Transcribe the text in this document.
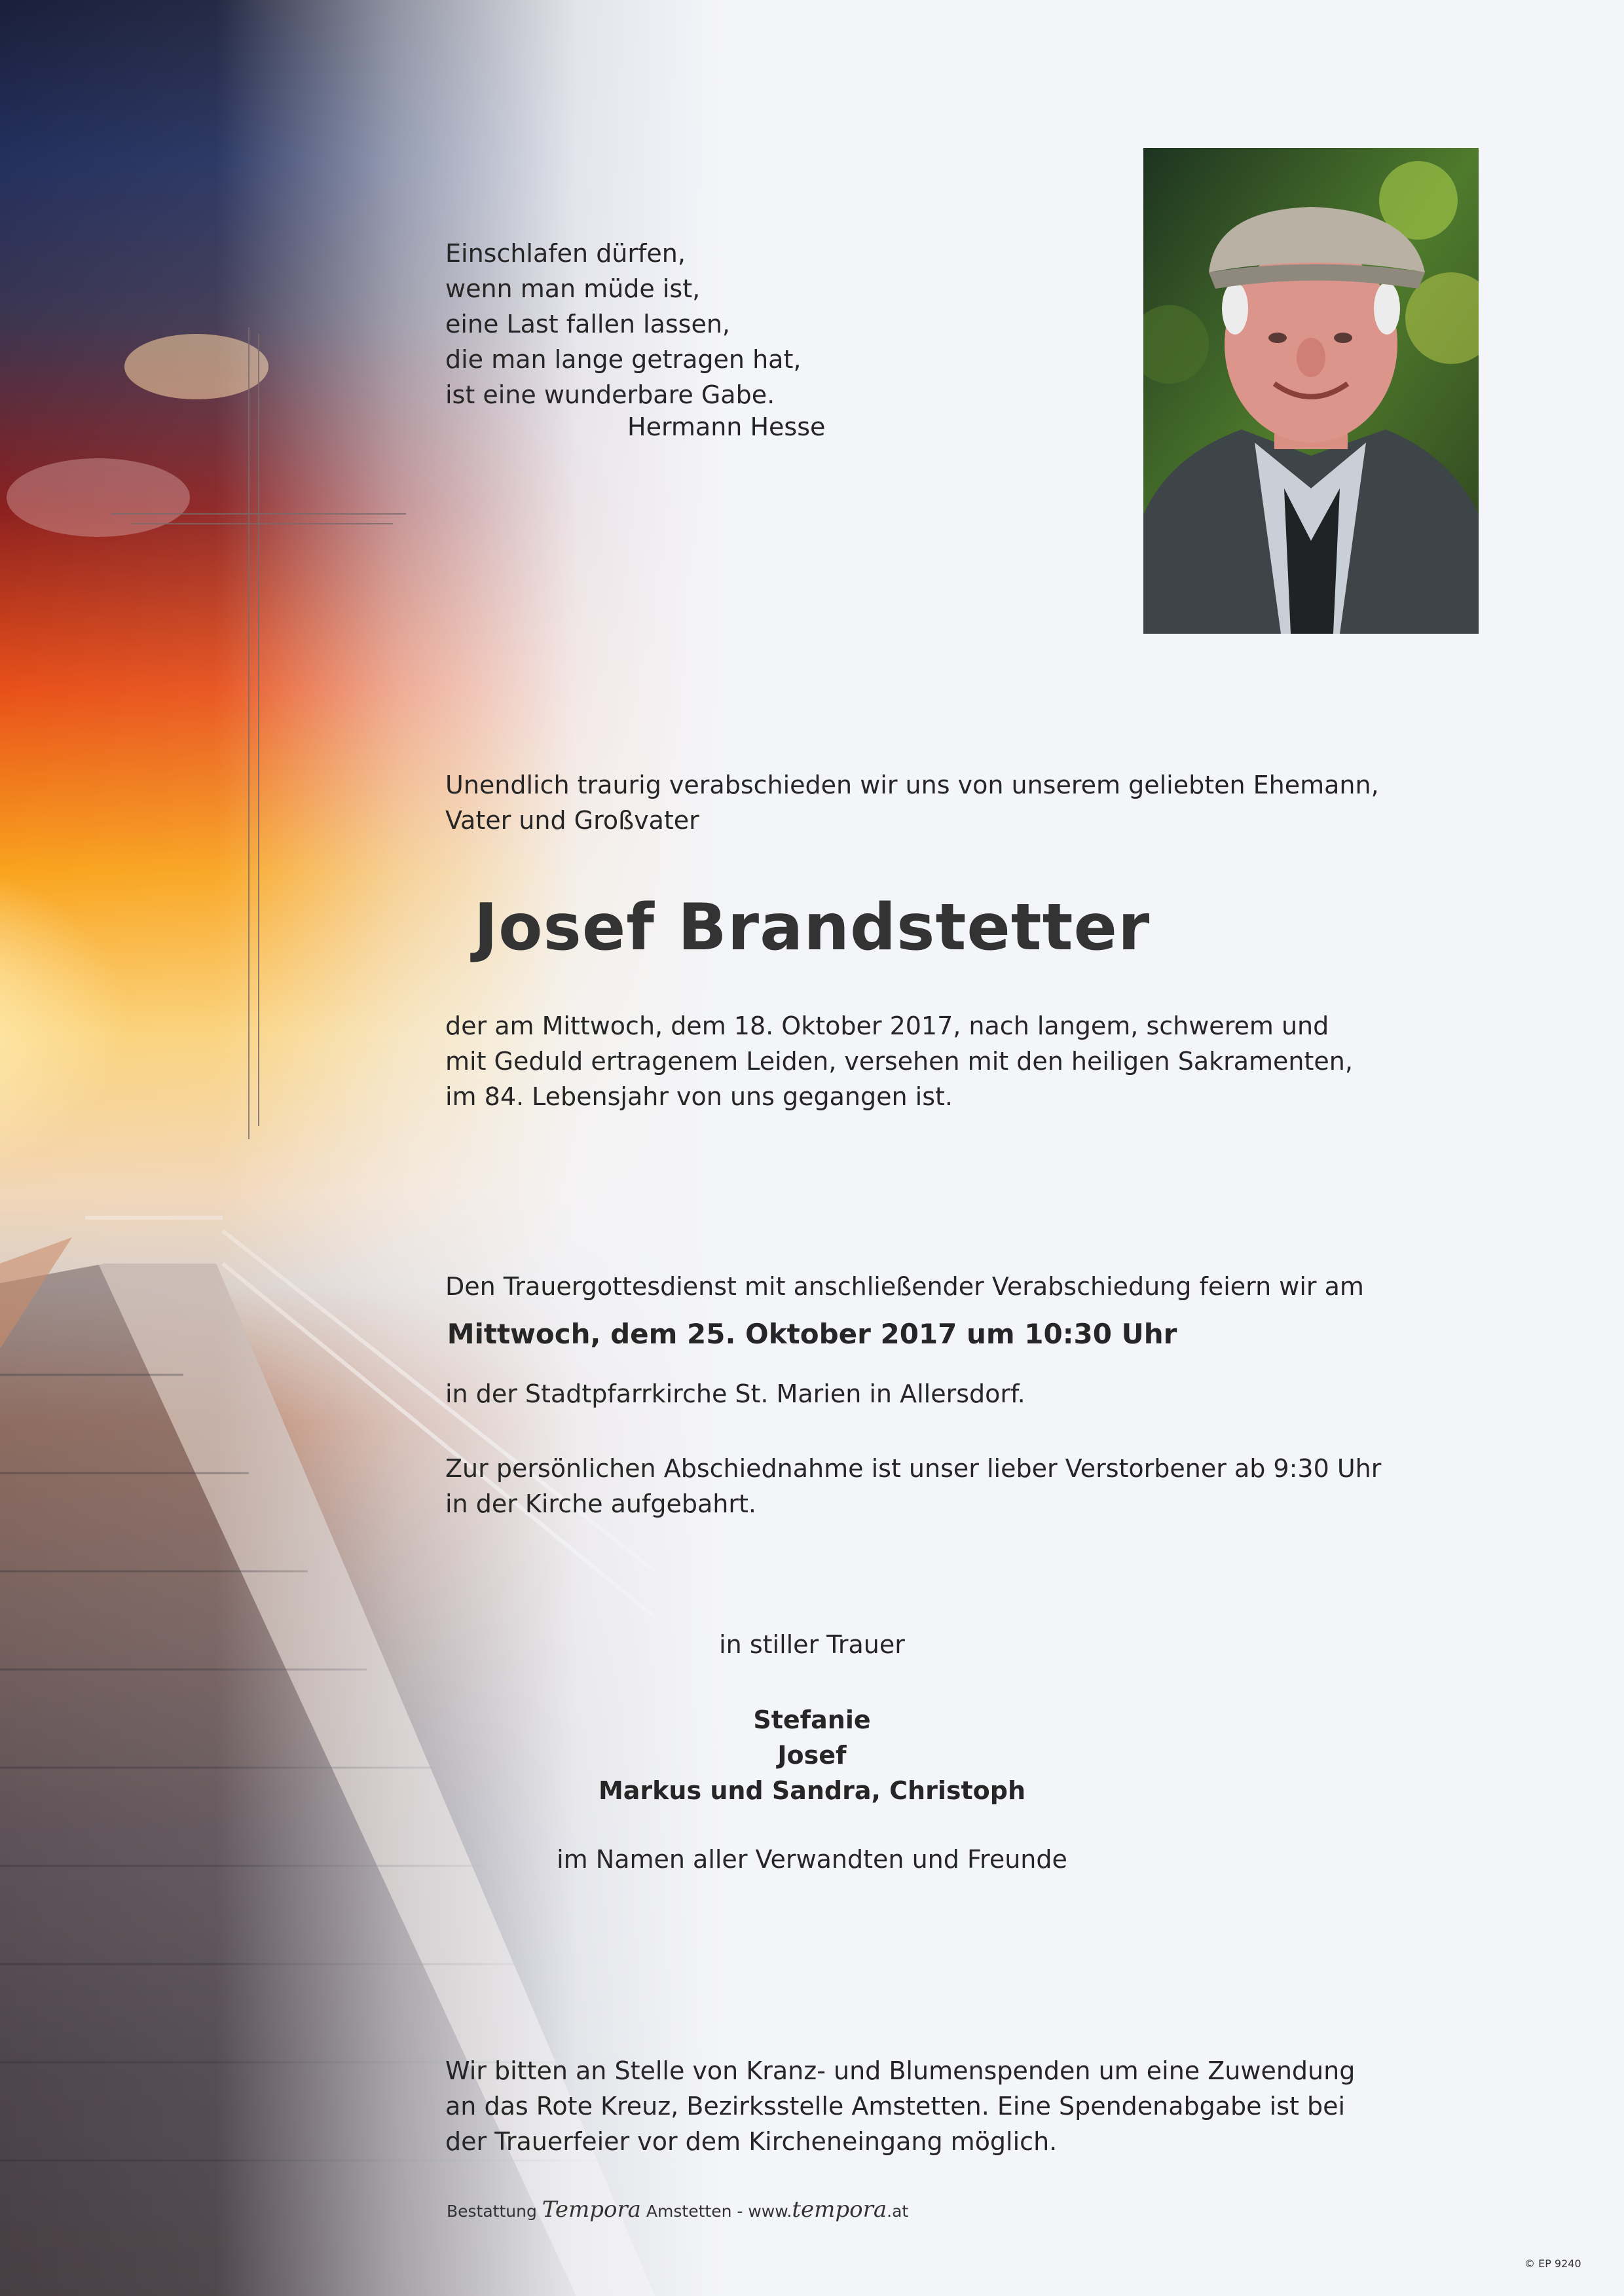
Einschlafen dürfen,
wenn man müde ist,
eine Last fallen lassen,
die man lange getragen hat,
ist eine wunderbare Gabe.
Hermann Hesse
Unendlich traurig verabschieden wir uns von unserem geliebten Ehemann,
Vater und Großvater
Josef Brandstetter
der am Mittwoch, dem 18. Oktober 2017, nach langem, schwerem und
mit Geduld ertragenem Leiden, versehen mit den heiligen Sakramenten,
im 84. Lebensjahr von uns gegangen ist.
Den Trauergottesdienst mit anschließender Verabschiedung feiern wir am
Mittwoch, dem 25. Oktober 2017 um 10:30 Uhr
in der Stadtpfarrkirche St. Marien in Allersdorf.
Zur persönlichen Abschiednahme ist unser lieber Verstorbener ab 9:30 Uhr
in der Kirche aufgebahrt.
in stiller Trauer
Stefanie
Josef
Markus und Sandra, Christoph
im Namen aller Verwandten und Freunde
Wir bitten an Stelle von Kranz- und Blumenspenden um eine Zuwendung
an das Rote Kreuz, Bezirksstelle Amstetten. Eine Spendenabgabe ist bei
der Trauerfeier vor dem Kircheneingang möglich.
Bestattung Tempora Amstetten - www.tempora.at
© EP 9240
